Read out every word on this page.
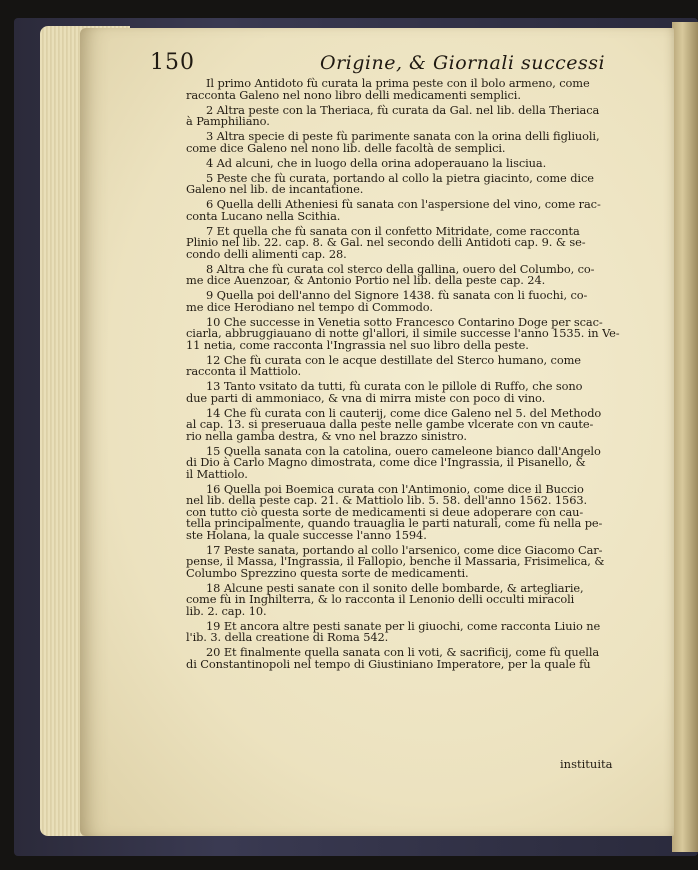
150	Origine, & Giornali successi
Il primo Antidoto fù curata la prima peste con il bolo armeno, come
racconta Galeno nel nono libro delli medicamenti semplici.
2 Altra peste con la Theriaca, fù curata da Gal. nel lib. della Theriaca
à Pamphiliano.
3 Altra specie di peste fù parimente sanata con la orina delli figliuoli,
come dice Galeno nel nono lib. delle facoltà de semplici.
4 Ad alcuni, che in luogo della orina adoperauano la lisciua.
5 Peste che fù curata, portando al collo la pietra giacinto, come dice
Galeno nel lib. de incantatione.
6 Quella delli Atheniesi fù sanata con l'aspersione del vino, come rac-
conta Lucano nella Scithia.
7 Et quella che fù sanata con il confetto Mitridate, come racconta
Plinio nel lib. 22. cap. 8. & Gal. nel secondo delli Antidoti cap. 9. & se-
condo delli alimenti cap. 28.
8 Altra che fù curata col sterco della gallina, ouero del Columbo, co-
me dice Auenzoar, & Antonio Portio nel lib. della peste cap. 24.
9 Quella poi dell'anno del Signore 1438. fù sanata con li fuochi, co-
me dice Herodiano nel tempo di Commodo.
10 Che successe in Venetia sotto Francesco Contarino Doge per scac-
ciarla, abbruggiauano di notte gl'allori, il simile successe l'anno 1535. in Ve-
11 netia, come racconta l'Ingrassia nel suo libro della peste.
12 Che fù curata con le acque destillate del Sterco humano, come
racconta il Mattiolo.
13 Tanto vsitato da tutti, fù curata con le pillole di Ruffo, che sono
due parti di ammoniaco, & vna di mirra miste con poco di vino.
14 Che fù curata con li cauterij, come dice Galeno nel 5. del Methodo
al cap. 13. si preseruaua dalla peste nelle gambe vlcerate con vn caute-
rio nella gamba destra, & vno nel brazzo sinistro.
15 Quella sanata con la catolina, ouero cameleone bianco dall'Angelo
di Dio à Carlo Magno dimostrata, come dice l'Ingrassia, il Pisanello, &
il Mattiolo.
16 Quella poi Boemica curata con l'Antimonio, come dice il Buccio
nel lib. della peste cap. 21. & Mattiolo lib. 5. 58. dell'anno 1562. 1563.
con tutto ciò questa sorte de medicamenti si deue adoperare con cau-
tella principalmente, quando trauaglia le parti naturali, come fù nella pe-
ste Holana, la quale successe l'anno 1594.
17 Peste sanata, portando al collo l'arsenico, come dice Giacomo Car-
pense, il Massa, l'Ingrassia, il Fallopio, benche il Massaria, Frisimelica, &
Columbo Sprezzino questa sorte de medicamenti.
18 Alcune pesti sanate con il sonito delle bombarde, & artegliarie,
come fù in Inghilterra, & lo racconta il Lenonio delli occulti miracoli
lib. 2. cap. 10.
19 Et ancora altre pesti sanate per li giuochi, come racconta Liuio ne
l'ib. 3. della creatione di Roma 542.
20 Et finalmente quella sanata con li voti, & sacrificij, come fù quella
di Constantinopoli nel tempo di Giustiniano Imperatore, per la quale fù
instituita
